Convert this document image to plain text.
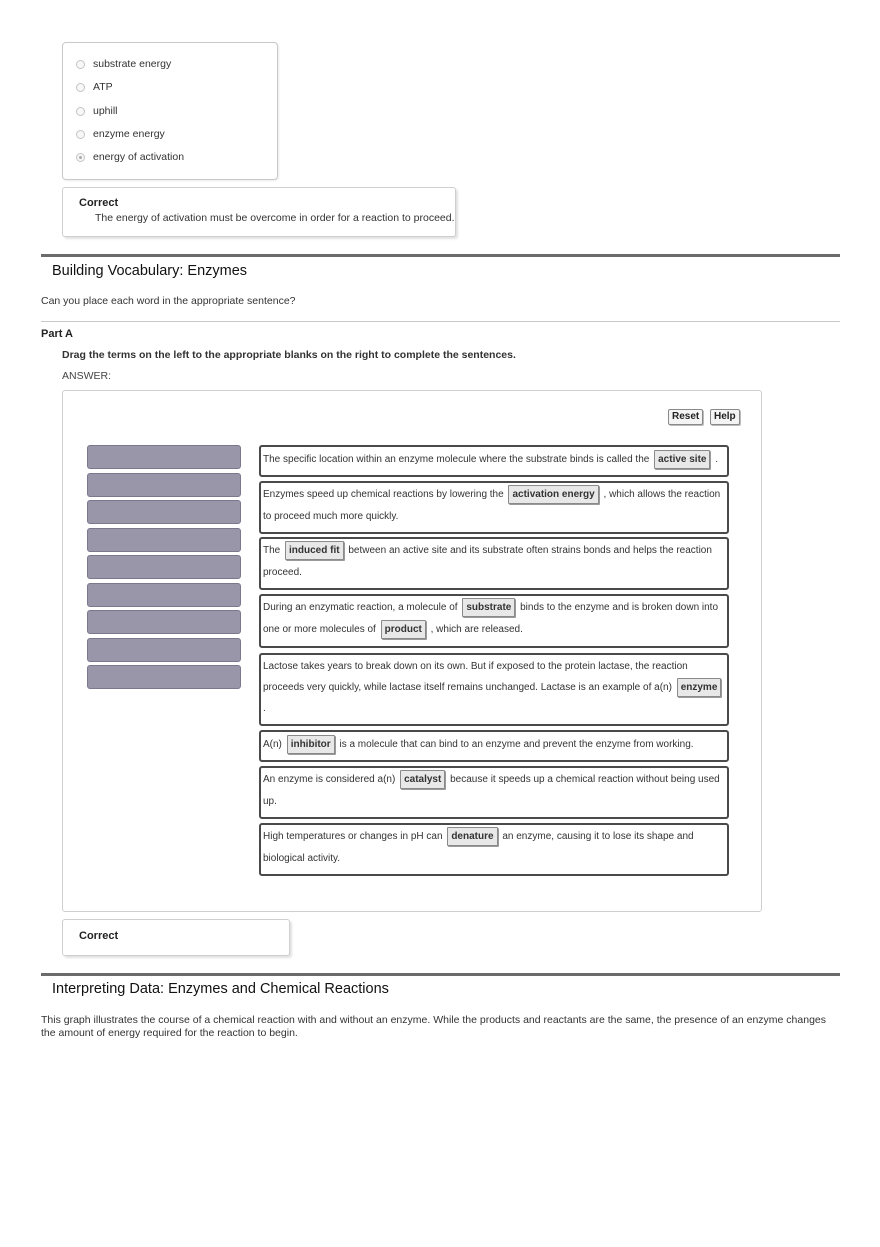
substrate energy
ATP
uphill
enzyme energy
energy of activation
Correct
The energy of activation must be overcome in order for a reaction to proceed.
Building Vocabulary: Enzymes
Can you place each word in the appropriate sentence?
Part A
Drag the terms on the left to the appropriate blanks on the right to complete the sentences.
ANSWER:
Reset	Help
The specific location within an enzyme molecule where the substrate binds is called the active site .
Enzymes speed up chemical reactions by lowering the activation energy , which allows the reaction to proceed much more quickly.
The induced fit between an active site and its substrate often strains bonds and helps the reaction proceed.
During an enzymatic reaction, a molecule of substrate binds to the enzyme and is broken down into one or more molecules of product , which are released.
Lactose takes years to break down on its own. But if exposed to the protein lactase, the reaction proceeds very quickly, while lactase itself remains unchanged. Lactase is an example of a(n) enzyme .
A(n) inhibitor is a molecule that can bind to an enzyme and prevent the enzyme from working.
An enzyme is considered a(n) catalyst because it speeds up a chemical reaction without being used up.
High temperatures or changes in pH can denature an enzyme, causing it to lose its shape and biological activity.
Correct
Interpreting Data: Enzymes and Chemical Reactions
This graph illustrates the course of a chemical reaction with and without an enzyme. While the products and reactants are the same, the presence of an enzyme changes the amount of energy required for the reaction to begin.
